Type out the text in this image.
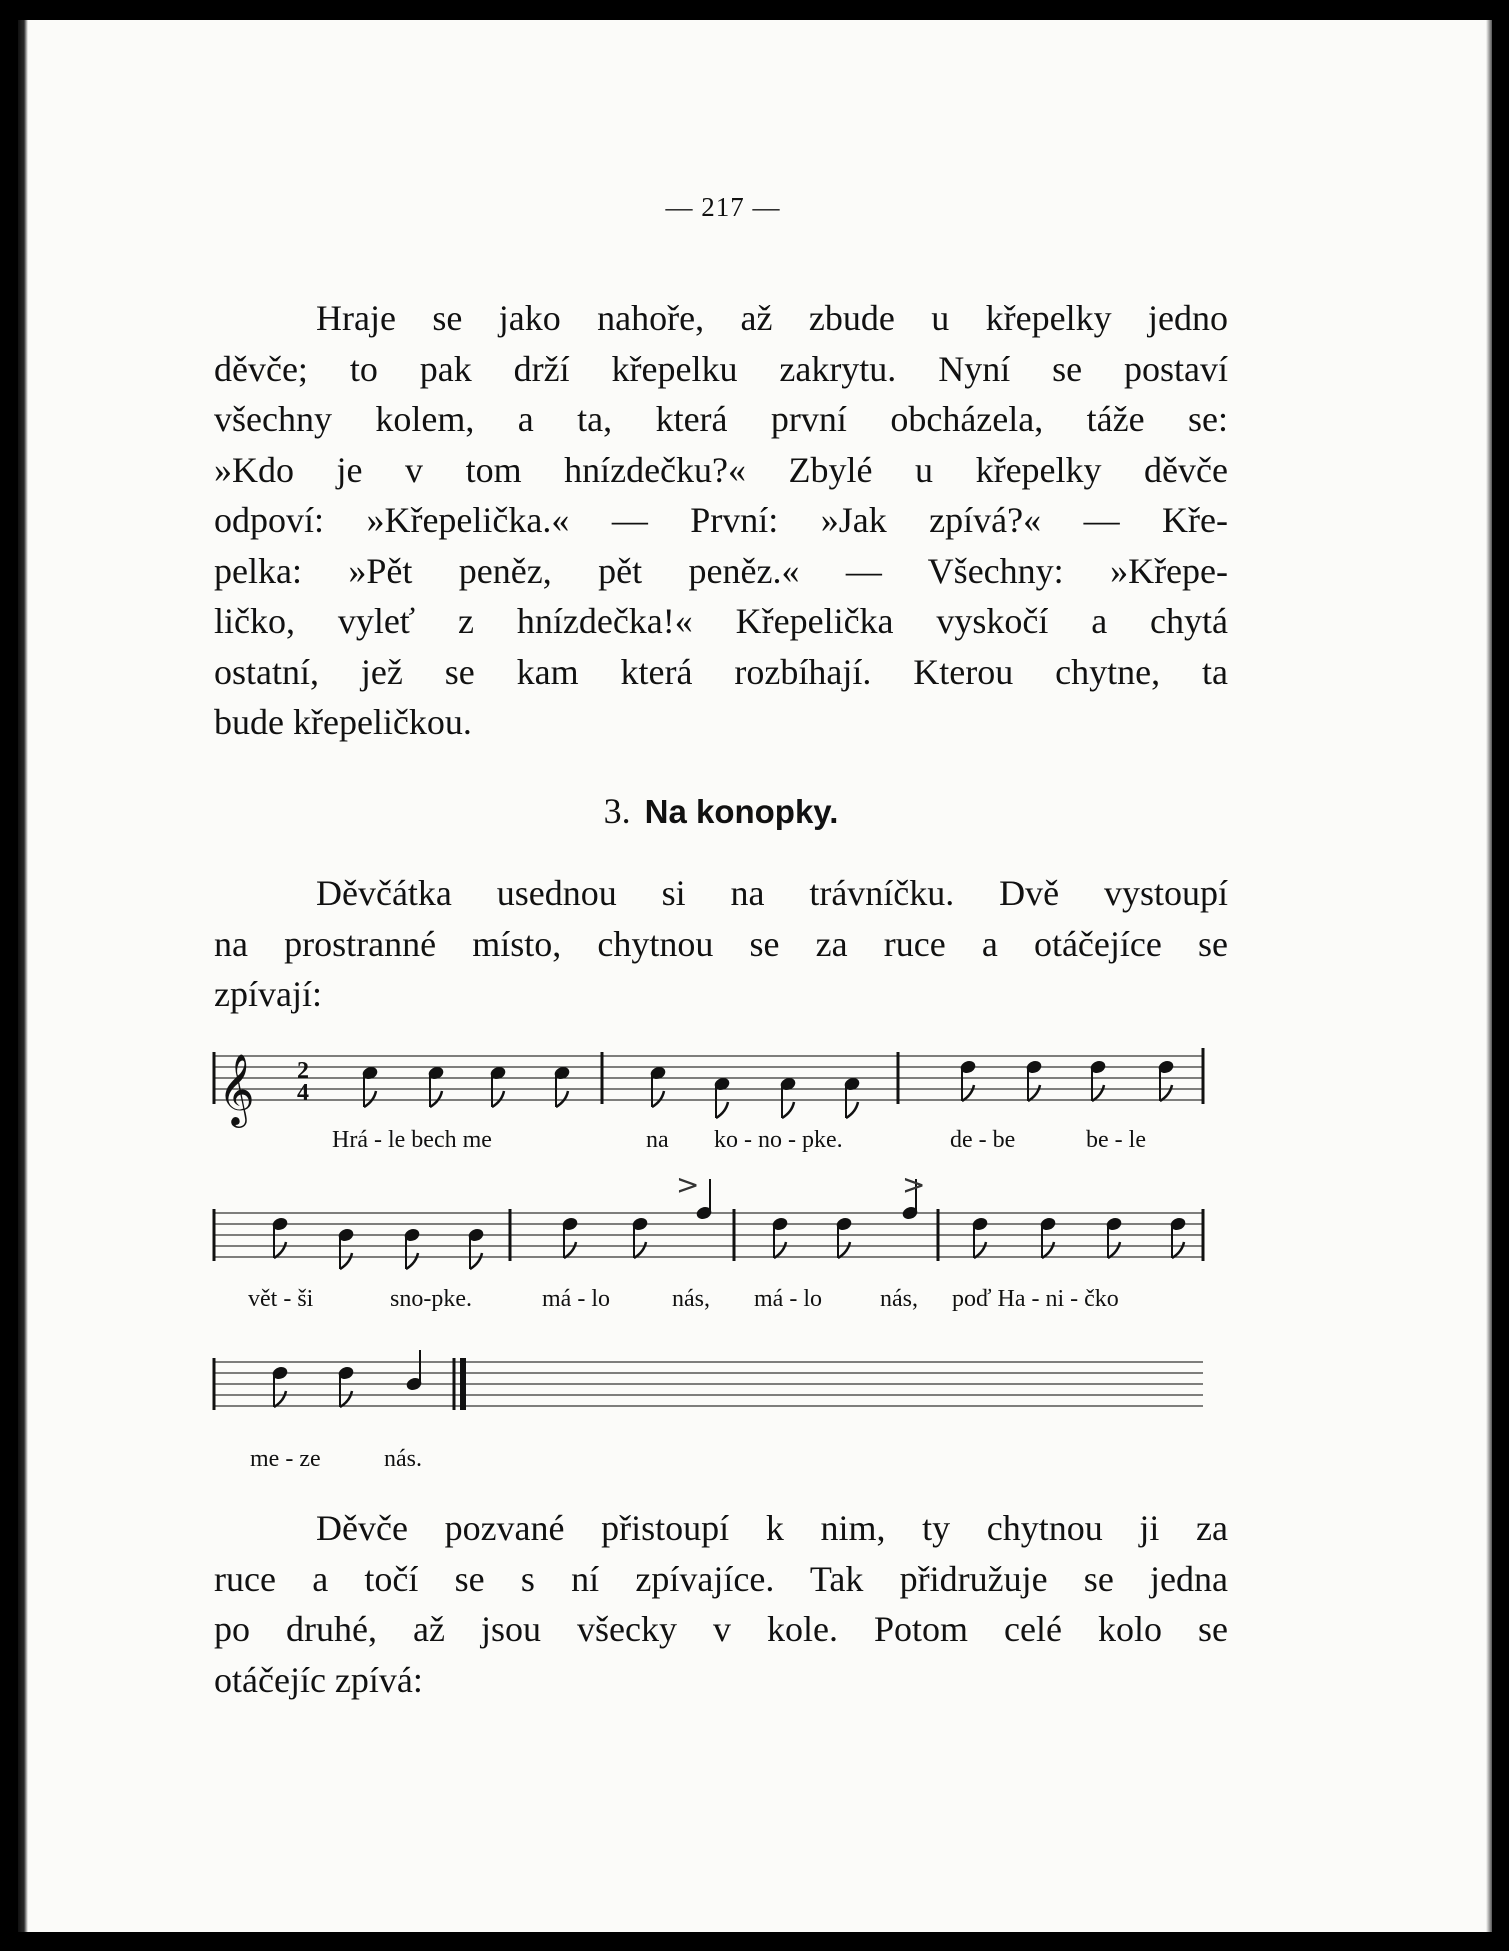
— 217 —
Hraje se jako nahoře, až zbude u křepelky jedno
děvče; to pak drží křepelku zakrytu. Nyní se postaví
všechny kolem, a ta, která první obcházela, táže se:
»Kdo je v tom hnízdečku?« Zbylé u křepelky děvče
odpoví: »Křepelička.« — První: »Jak zpívá?« — Kře-
pelka: »Pět peněz, pět peněz.« — Všechny: »Křepe-
ličko, vyleť z hnízdečka!« Křepelička vyskočí a chytá
ostatní, jež se kam která rozbíhají. Kterou chytne, ta
bude křepeličkou.
3. Na konopky.
Děvčátka usednou si na trávníčku. Dvě vystoupí
na prostranné místo, chytnou se za ruce a otáčejíce se
zpívají:
𝄞 2
4
>	>
Hrá - le bech me	na ko - no - pke.	de - be	be - le
vět - ši	sno-pke.	má - lo	nás, má - lo nás, poď Ha - ni - čko
me - ze	nás.
Děvče pozvané přistoupí k nim, ty chytnou ji za
ruce a točí se s ní zpívajíce. Tak přidružuje se jedna
po druhé, až jsou všecky v kole. Potom celé kolo se
otáčejíc zpívá:
